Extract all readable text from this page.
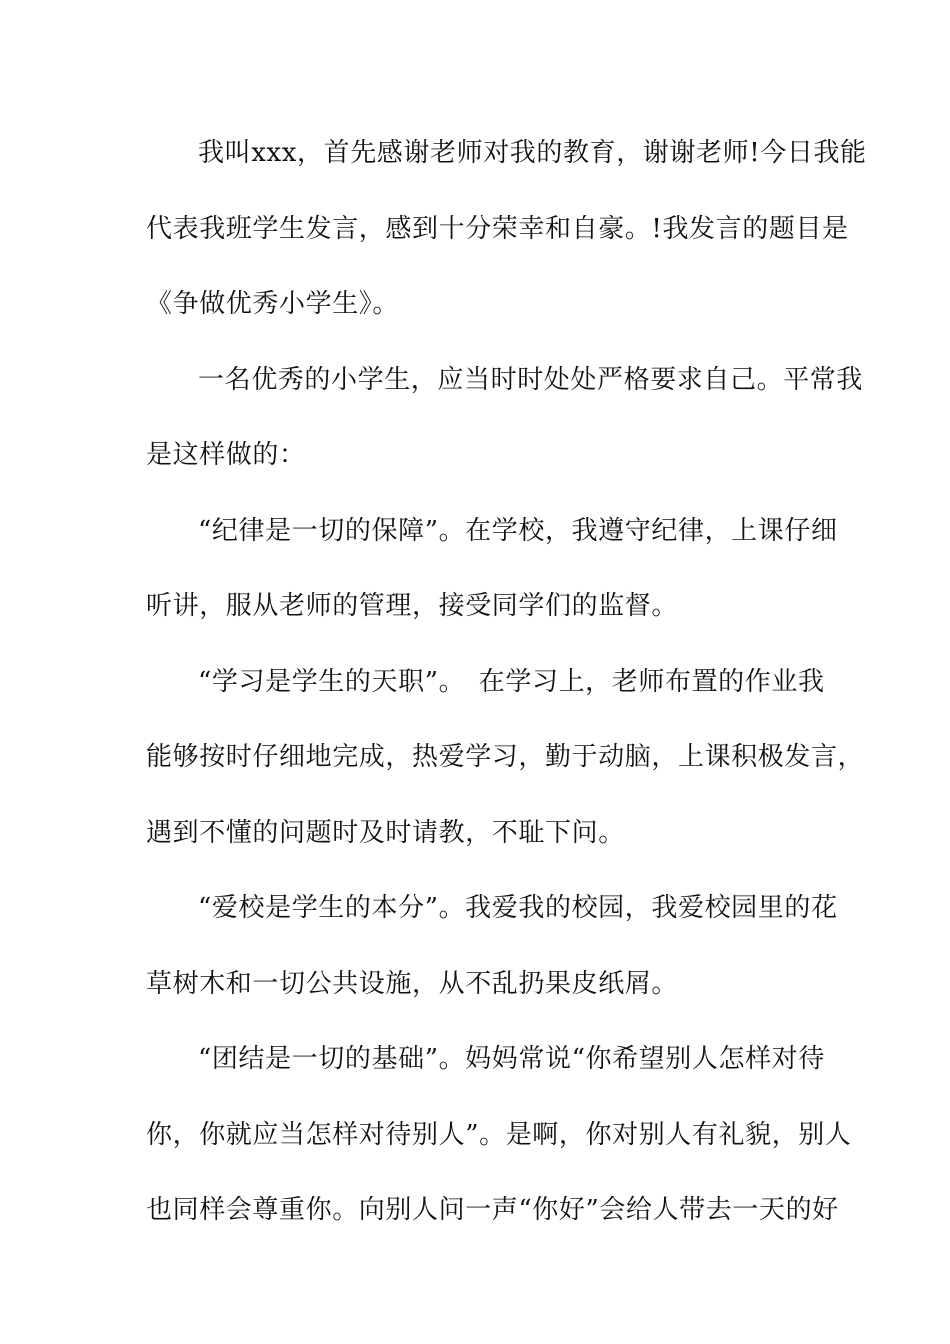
我叫xxx，首先感谢老师对我的教育，谢谢老师!今日我能
代表我班学生发言，感到十分荣幸和自豪。!我发言的题目是
《争做优秀小学生》。
一名优秀的小学生，应当时时处处严格要求自己。平常我
是这样做的：
“纪律是一切的保障”。在学校，我遵守纪律，上课仔细
听讲，服从老师的管理，接受同学们的监督。
“学习是学生的天职”。　在学习上，老师布置的作业我
能够按时仔细地完成，热爱学习，勤于动脑，上课积极发言，
遇到不懂的问题时及时请教，不耻下问。
“爱校是学生的本分”。我爱我的校园，我爱校园里的花
草树木和一切公共设施，从不乱扔果皮纸屑。
“团结是一切的基础”。妈妈常说“你希望别人怎样对待
你，你就应当怎样对待别人”。是啊，你对别人有礼貌，别人
也同样会尊重你。向别人问一声“你好”会给人带去一天的好
